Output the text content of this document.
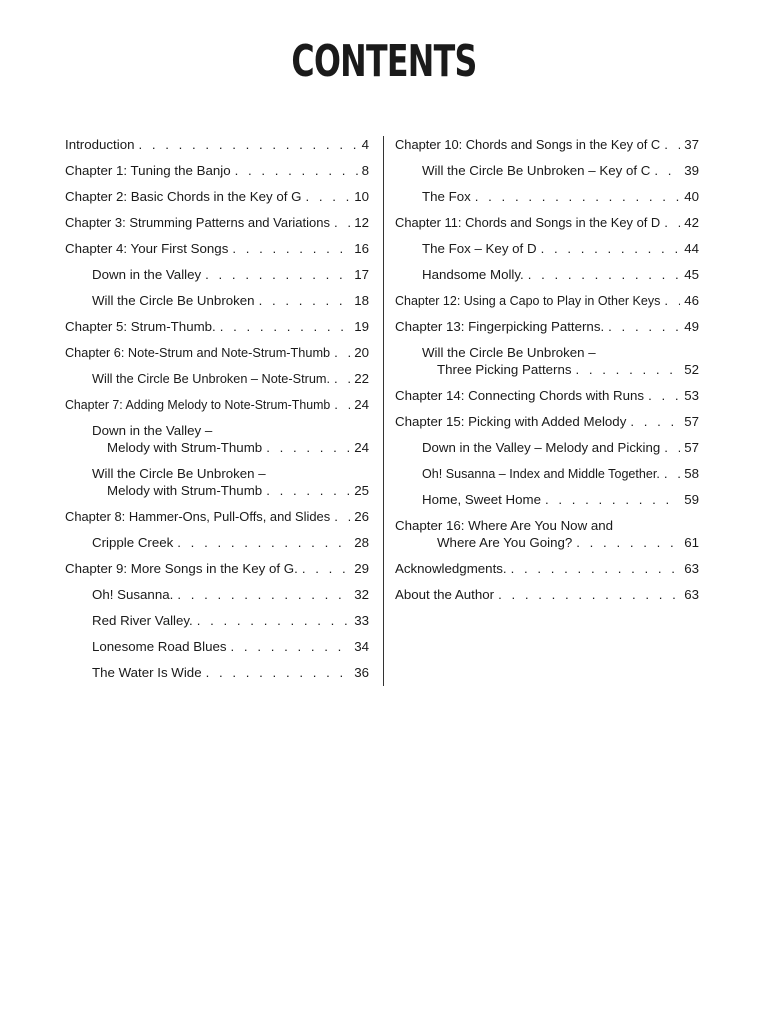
CONTENTS
Introduction . . .	4
Chapter 1: Tuning the Banjo . . .	8
Chapter 2: Basic Chords in the Key of G . . .	10
Chapter 3: Strumming Patterns and Variations . . . 12
Chapter 4: Your First Songs . . .	16
Down in the Valley . . .	17
Will the Circle Be Unbroken . . .	18
Chapter 5: Strum-Thumb. . . .	19
Chapter 6: Note-Strum and Note-Strum-Thumb . . . 20
Will the Circle Be Unbroken – Note-Strum. . . . 22
Chapter 7: Adding Melody to Note-Strum-Thumb . . . 24
Down in the Valley –
Melody with Strum-Thumb . . .	24
Will the Circle Be Unbroken –
Melody with Strum-Thumb . . .	25
Chapter 8: Hammer-Ons, Pull-Offs, and Slides . . . 26
Cripple Creek . . .	28
Chapter 9: More Songs in the Key of G. . . .	29
Oh! Susanna. . . .	32
Red River Valley. . . .	33
Lonesome Road Blues . . .	34
The Water Is Wide . . .	36
Chapter 10: Chords and Songs in the Key of C . . . 37
Will the Circle Be Unbroken – Key of C . . .	39
The Fox . . .	40
Chapter 11: Chords and Songs in the Key of D . . . 42
The Fox – Key of D . . .	44
Handsome Molly. . . .	45
Chapter 12: Using a Capo to Play in Other Keys . . . 46
Chapter 13: Fingerpicking Patterns. . . .	49
Will the Circle Be Unbroken –
Three Picking Patterns . . .	52
Chapter 14: Connecting Chords with Runs . . .	53
Chapter 15: Picking with Added Melody . . .	57
Down in the Valley – Melody and Picking . . . 57
Oh! Susanna – Index and Middle Together. . . . 58
Home, Sweet Home . . .	59
Chapter 16: Where Are You Now and
Where Are You Going? . . .	61
Acknowledgments. . . .	63
About the Author . . .	63
